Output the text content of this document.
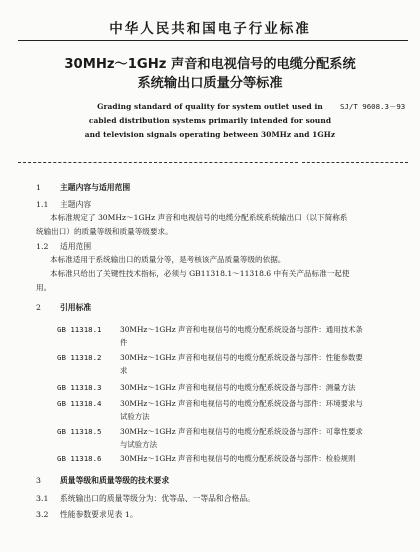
中华人民共和国电子行业标准
30MHz～1GHz 声音和电视信号的电缆分配系统
系统输出口质量分等标准
SJ/T 9608.3－93
Grading standard of quality for system outlet used in
cabled distribution systems primarily intended for sound
and television signals operating between 30MHz and 1GHz
1 主题内容与适用范围
1.1 主题内容
本标准规定了 30MHz～1GHz 声音和电视信号的电缆分配系统系统输出口（以下简称系
统输出口）的质量等级和质量等级要求。
1.2 适用范围
本标准适用于系统输出口的质量分等，是考核该产品质量等级的依据。
本标准只给出了关键性技术指标，必须与 GB11318.1～11318.6 中有关产品标准一起使
用。
2 引用标准
GB 11318.1	30MHz～1GHz 声音和电视信号的电缆分配系统设备与部件：通用技术条
件
GB 11318.2	30MHz～1GHz 声音和电视信号的电缆分配系统设备与部件：性能参数要
求
GB 11318.3	30MHz～1GHz 声音和电视信号的电缆分配系统设备与部件：测量方法
GB 11318.4	30MHz～1GHz 声音和电视信号的电缆分配系统设备与部件：环境要求与
试验方法
GB 11318.5	30MHz～1GHz 声音和电视信号的电缆分配系统设备与部件：可靠性要求
与试验方法
GB 11318.6	30MHz～1GHz 声音和电视信号的电缆分配系统设备与部件：检验规则
3 质量等级和质量等级的技术要求
3.1 系统输出口的质量等级分为：优等品、一等品和合格品。
3.2 性能参数要求见表 1。
